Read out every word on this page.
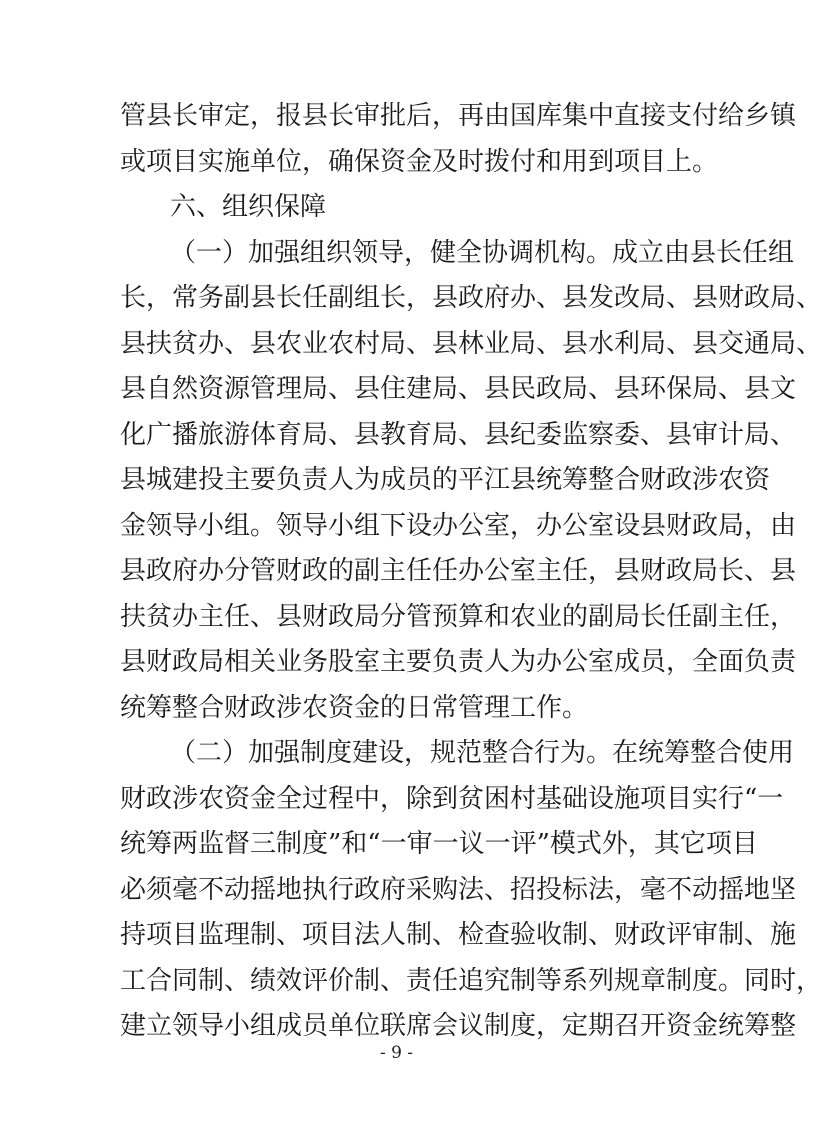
管县长审定，报县长审批后，再由国库集中直接支付给乡镇
或项目实施单位，确保资金及时拨付和用到项目上。
六、组织保障
（一）加强组织领导，健全协调机构。成立由县长任组
长，常务副县长任副组长，县政府办、县发改局、县财政局、
县扶贫办、县农业农村局、县林业局、县水利局、县交通局、
县自然资源管理局、县住建局、县民政局、县环保局、县文
化广播旅游体育局、县教育局、县纪委监察委、县审计局、
县城建投主要负责人为成员的平江县统筹整合财政涉农资
金领导小组。领导小组下设办公室，办公室设县财政局，由
县政府办分管财政的副主任任办公室主任，县财政局长、县
扶贫办主任、县财政局分管预算和农业的副局长任副主任，
县财政局相关业务股室主要负责人为办公室成员，全面负责
统筹整合财政涉农资金的日常管理工作。
（二）加强制度建设，规范整合行为。在统筹整合使用
财政涉农资金全过程中，除到贫困村基础设施项目实行“一
统筹两监督三制度”和“一审一议一评”模式外，其它项目
必须毫不动摇地执行政府采购法、招投标法，毫不动摇地坚
持项目监理制、项目法人制、检查验收制、财政评审制、施
工合同制、绩效评价制、责任追究制等系列规章制度。同时，
- 9 -
建立领导小组成员单位联席会议制度，定期召开资金统筹整
